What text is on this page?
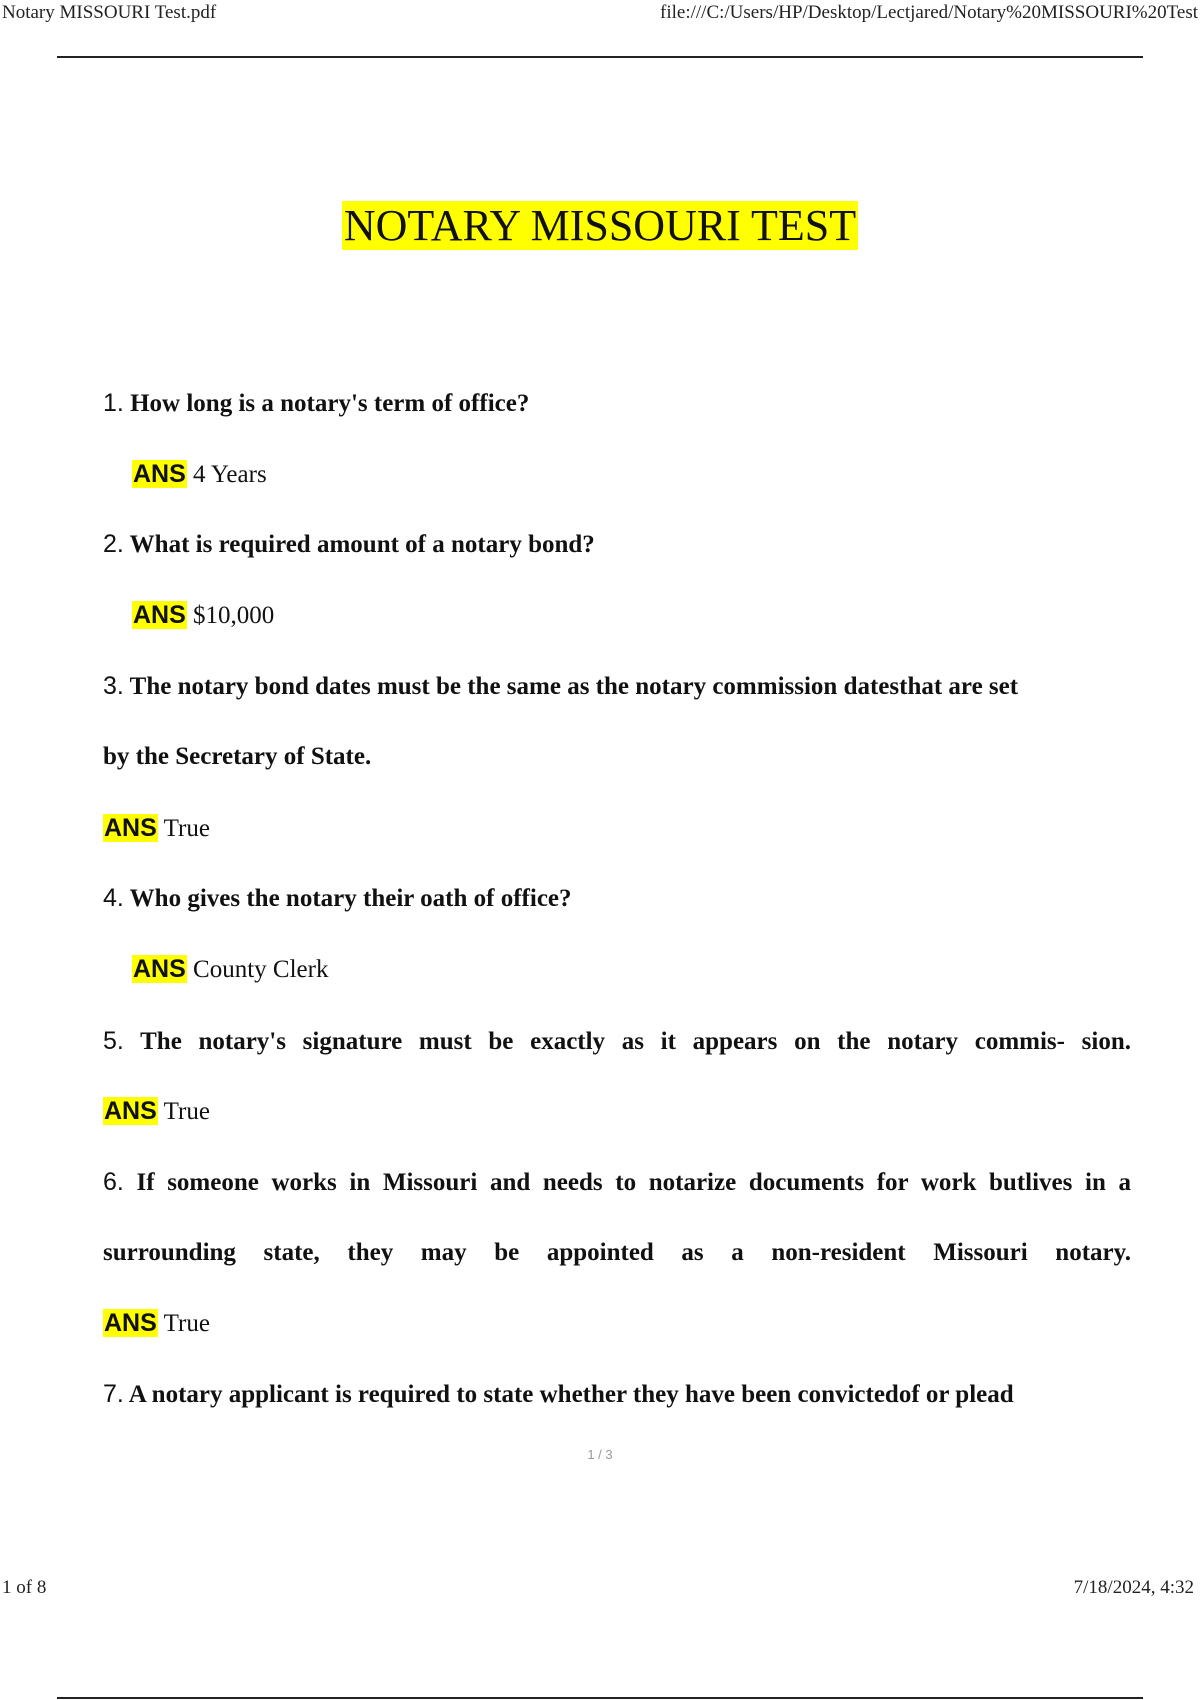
Notary MISSOURI Test.pdf	file:///C:/Users/HP/Desktop/Lectjared/Notary%20MISSOURI%20Test
NOTARY MISSOURI TEST
1. How long is a notary's term of office?
ANS 4 Years
2. What is required amount of a notary bond?
ANS $10,000
3. The notary bond dates must be the same as the notary commission datesthat are set
by the Secretary of State.
ANS True
4. Who gives the notary their oath of office?
ANS County Clerk
5. The notary's signature must be exactly as it appears on the notary commis- sion.
ANS True
6. If someone works in Missouri and needs to notarize documents for work butlives in a
surrounding state, they may be appointed as a non-resident Missouri notary.
ANS True
7. A notary applicant is required to state whether they have been convictedof or plead
1 / 3
1 of 8	7/18/2024, 4:32
